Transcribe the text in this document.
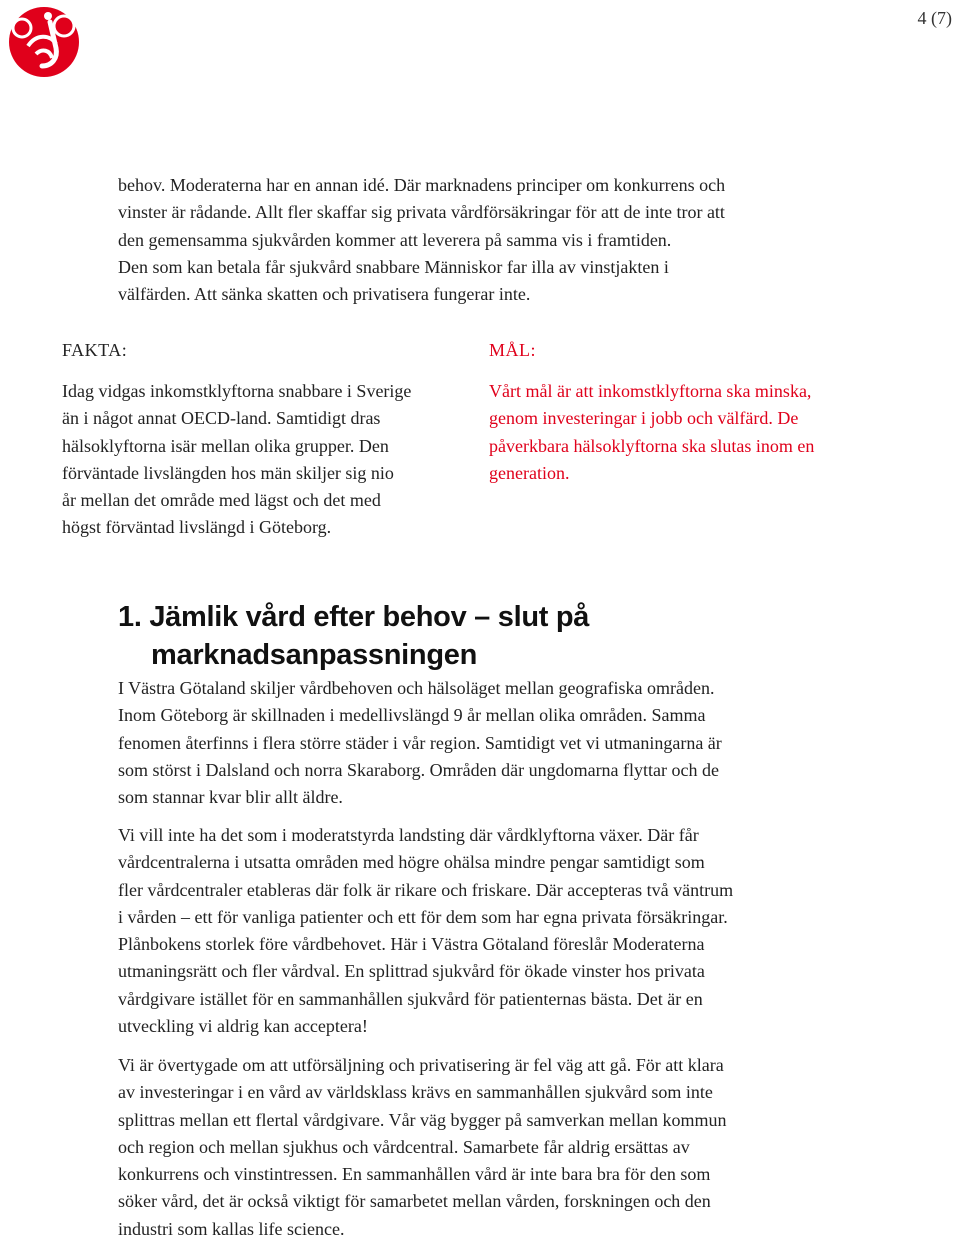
4 (7)
behov. Moderaterna har en annan idé. Där marknadens principer om konkurrens och
vinster är rådande. Allt fler skaffar sig privata vårdförsäkringar för att de inte tror att
den gemensamma sjukvården kommer att leverera på samma vis i framtiden.
Den som kan betala får sjukvård snabbare Människor far illa av vinstjakten i
välfärden. Att sänka skatten och privatisera fungerar inte.
FAKTA:
Idag vidgas inkomstklyftorna snabbare i Sverige
än i något annat OECD-land. Samtidigt dras
hälsoklyftorna isär mellan olika grupper. Den
förväntade livslängden hos män skiljer sig nio
år mellan det område med lägst och det med
högst förväntad livslängd i Göteborg.
MÅL:
Vårt mål är att inkomstklyftorna ska minska,
genom investeringar i jobb och välfärd. De
påverkbara hälsoklyftorna ska slutas inom en
generation.
1. Jämlik vård efter behov – slut på
marknadsanpassningen
I Västra Götaland skiljer vårdbehoven och hälsoläget mellan geografiska områden.
Inom Göteborg är skillnaden i medellivslängd 9 år mellan olika områden. Samma
fenomen återfinns i flera större städer i vår region. Samtidigt vet vi utmaningarna är
som störst i Dalsland och norra Skaraborg. Områden där ungdomarna flyttar och de
som stannar kvar blir allt äldre.
Vi vill inte ha det som i moderatstyrda landsting där vårdklyftorna växer. Där får
vårdcentralerna i utsatta områden med högre ohälsa mindre pengar samtidigt som
fler vårdcentraler etableras där folk är rikare och friskare. Där accepteras två väntrum
i vården – ett för vanliga patienter och ett för dem som har egna privata försäkringar.
Plånbokens storlek före vårdbehovet. Här i Västra Götaland föreslår Moderaterna
utmaningsrätt och fler vårdval. En splittrad sjukvård för ökade vinster hos privata
vårdgivare istället för en sammanhållen sjukvård för patienternas bästa. Det är en
utveckling vi aldrig kan acceptera!
Vi är övertygade om att utförsäljning och privatisering är fel väg att gå. För att klara
av investeringar i en vård av världsklass krävs en sammanhållen sjukvård som inte
splittras mellan ett flertal vårdgivare. Vår väg bygger på samverkan mellan kommun
och region och mellan sjukhus och vårdcentral. Samarbete får aldrig ersättas av
konkurrens och vinstintressen. En sammanhållen vård är inte bara bra för den som
söker vård, det är också viktigt för samarbetet mellan vården, forskningen och den
industri som kallas life science.
